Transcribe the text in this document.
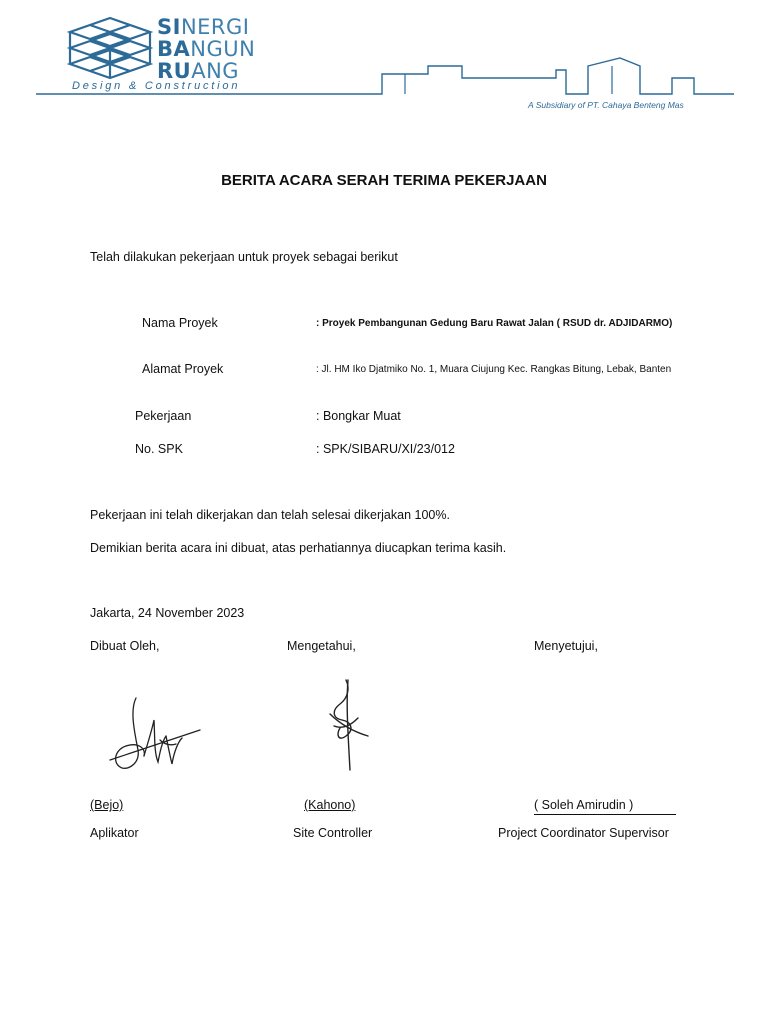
SINERGI
BANGUN
RUANG
Design & Construction
A Subsidiary of PT. Cahaya Benteng Mas
BERITA ACARA SERAH TERIMA PEKERJAAN
Telah dilakukan pekerjaan untuk proyek sebagai berikut
Nama Proyek	: Proyek Pembangunan Gedung Baru Rawat Jalan ( RSUD dr. ADJIDARMO)
Alamat Proyek	: Jl. HM Iko Djatmiko No. 1, Muara Ciujung Kec. Rangkas Bitung, Lebak, Banten
Pekerjaan	: Bongkar Muat
No. SPK	: SPK/SIBARU/XI/23/012
Pekerjaan ini telah dikerjakan dan telah selesai dikerjakan 100%.
Demikian berita acara ini dibuat, atas perhatiannya diucapkan terima kasih.
Jakarta, 24 November 2023
Dibuat Oleh,	Mengetahui,	Menyetujui,
(Bejo)	(Kahono)	( Soleh Amirudin )
Aplikator	Site Controller	Project Coordinator Supervisor
